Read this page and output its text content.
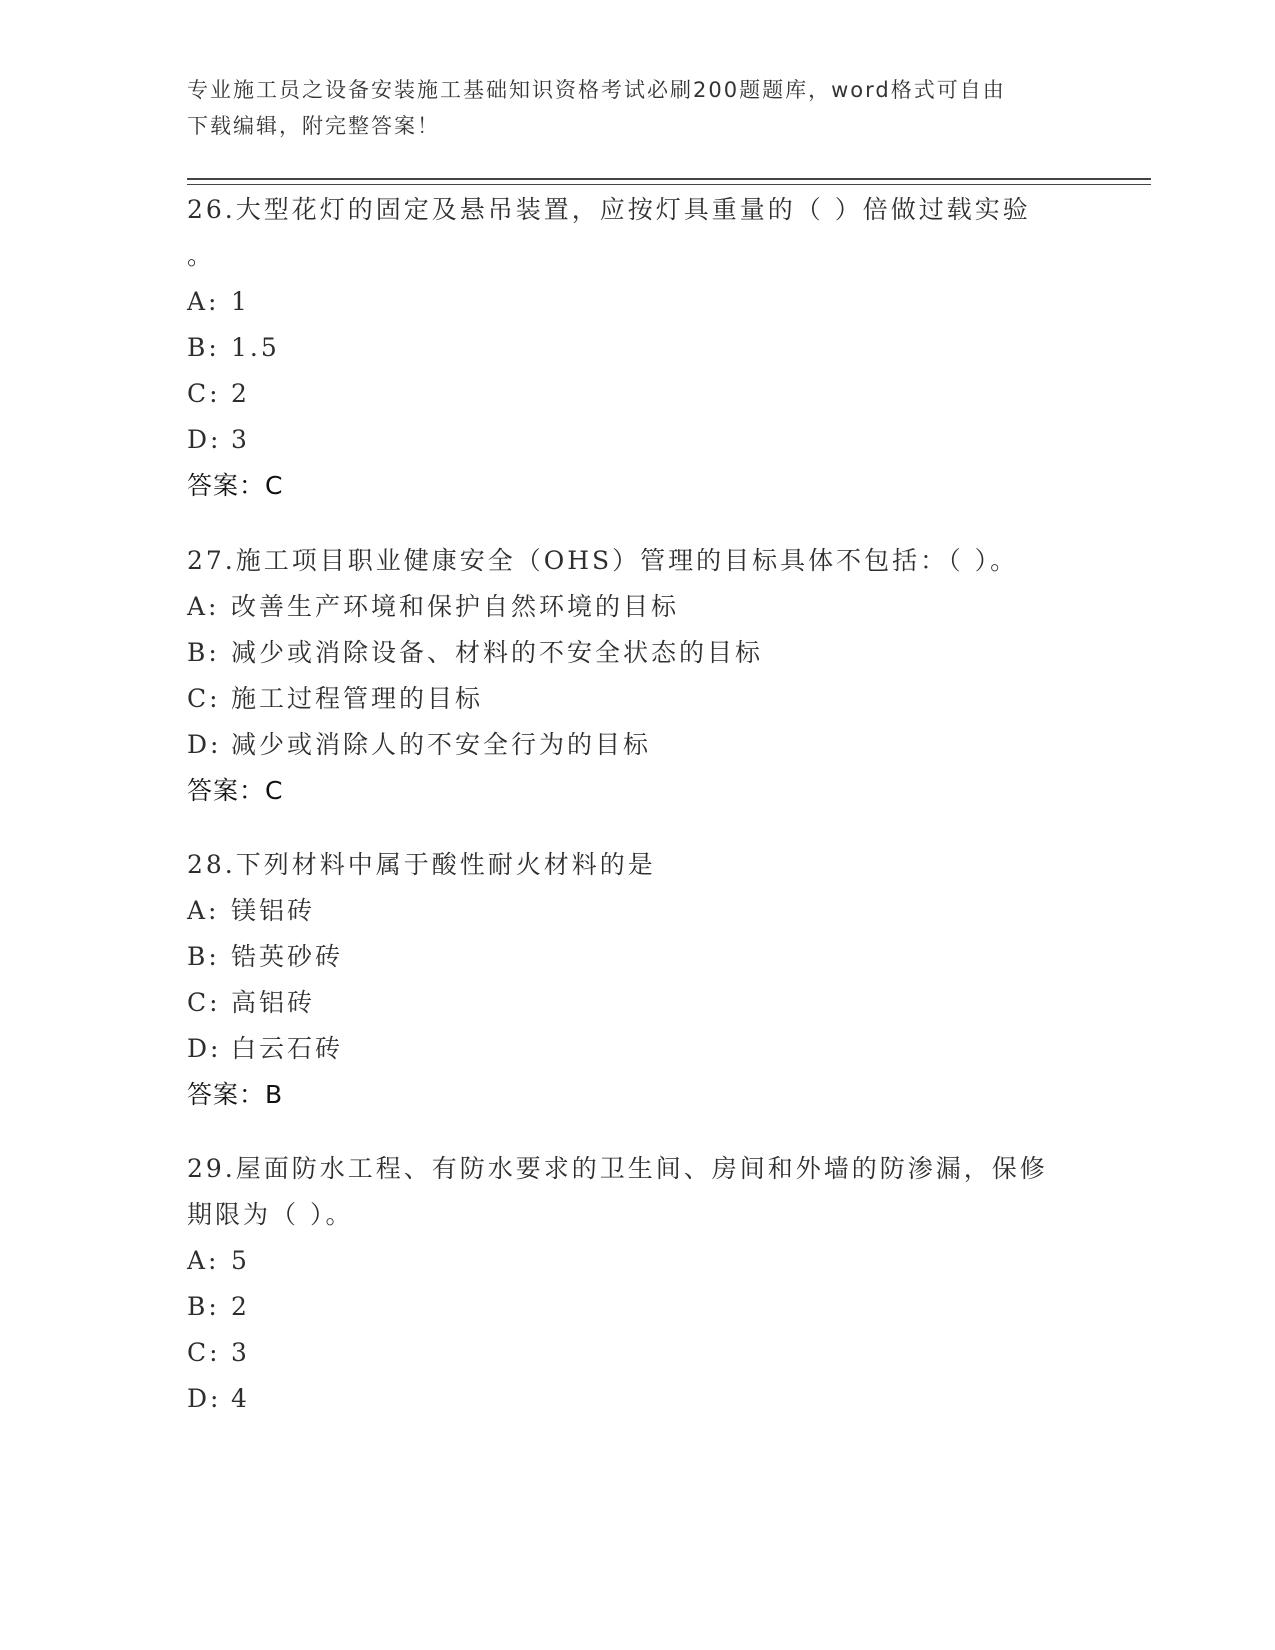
专业施工员之设备安装施工基础知识资格考试必刷200题题库，word格式可自由
下载编辑，附完整答案！

26.大型花灯的固定及悬吊装置，应按灯具重量的（ ）倍做过载实验

。

A: 1
B: 1.5
C: 2
D: 3
答案：C

27.施工项目职业健康安全（OHS）管理的目标具体不包括：（ ）。

A: 改善生产环境和保护自然环境的目标
B: 减少或消除设备、材料的不安全状态的目标
C: 施工过程管理的目标
D: 减少或消除人的不安全行为的目标
答案：C

28.下列材料中属于酸性耐火材料的是

A: 镁铝砖
B: 锆英砂砖
C: 高铝砖
D: 白云石砖
答案：B

29.屋面防水工程、有防水要求的卫生间、房间和外墙的防渗漏，保修

期限为（ ）。

A: 5
B: 2
C: 3
D: 4
